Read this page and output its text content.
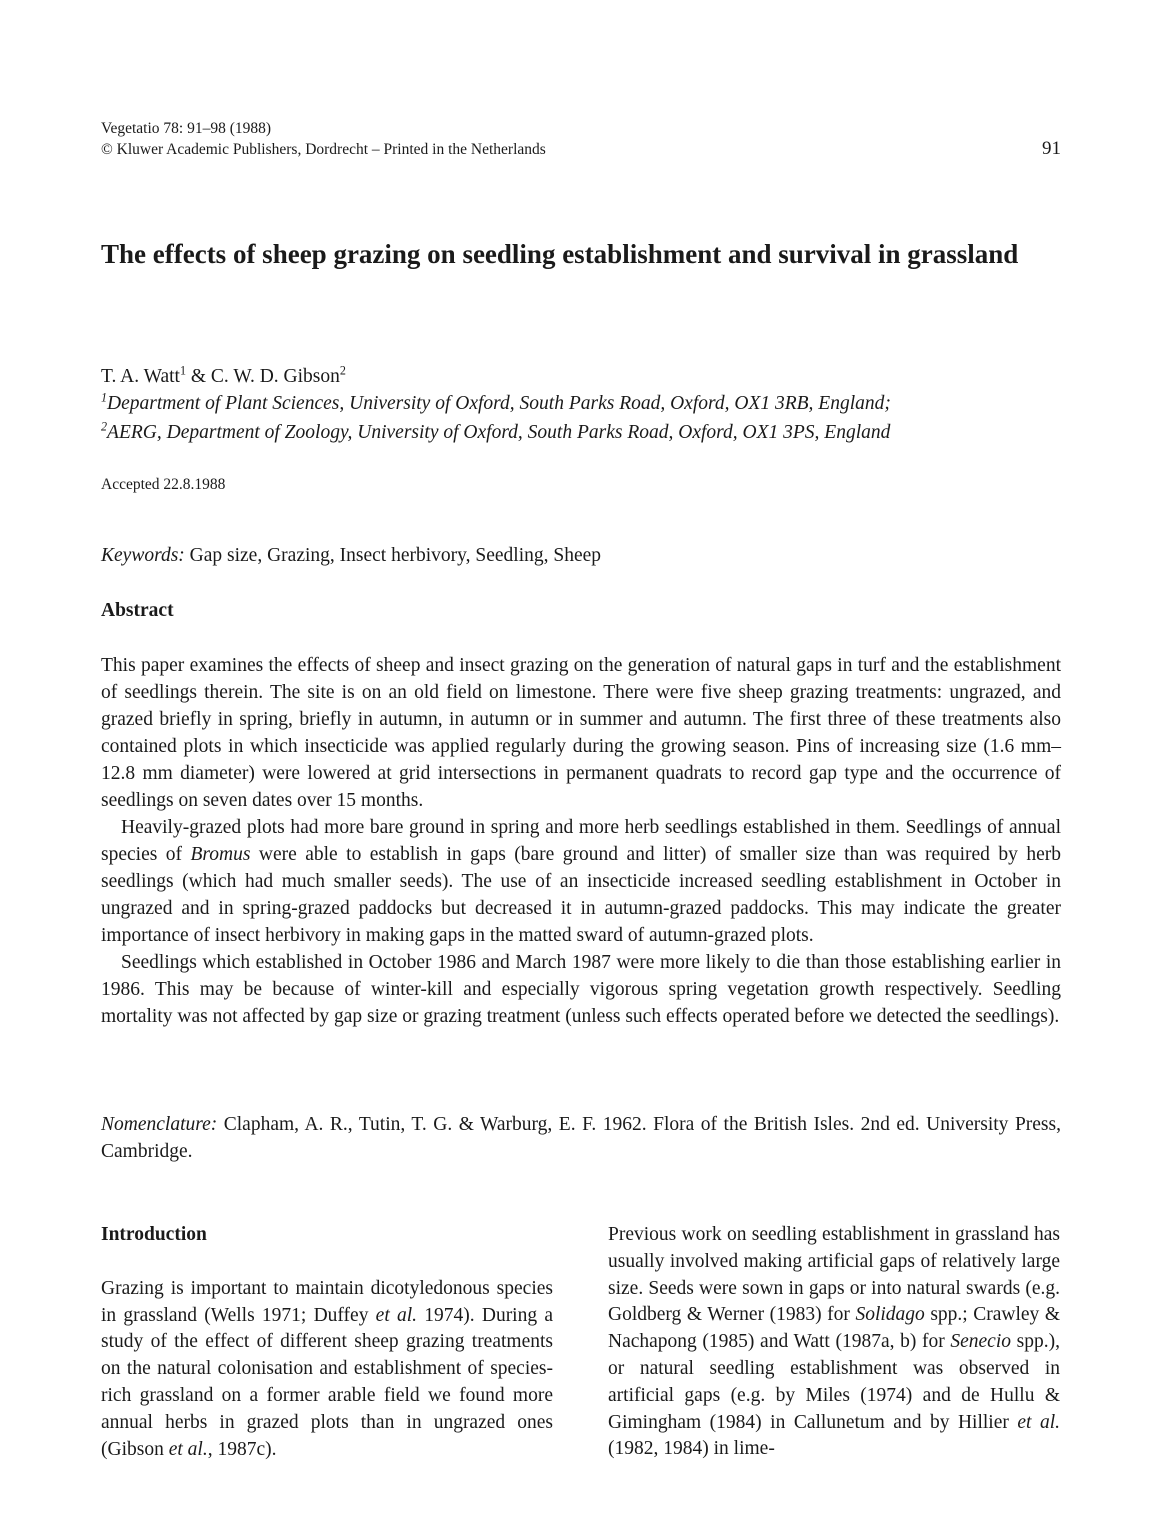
Vegetatio 78: 91–98 (1988)
© Kluwer Academic Publishers, Dordrecht – Printed in the Netherlands	91
The effects of sheep grazing on seedling establishment and survival in grassland
T. A. Watt$^1$ & C. W. D. Gibson$^2$
$^1$Department of Plant Sciences, University of Oxford, South Parks Road, Oxford, OX1 3RB, England;
$^2$AERG, Department of Zoology, University of Oxford, South Parks Road, Oxford, OX1 3PS, England
Accepted 22.8.1988
Keywords: Gap size, Grazing, Insect herbivory, Seedling, Sheep
Abstract

This paper examines the effects of sheep and insect grazing on the generation of natural gaps in turf and the establishment of seedlings therein. The site is on an old field on limestone. There were five sheep grazing treatments: ungrazed, and grazed briefly in spring, briefly in autumn, in autumn or in summer and autumn. The first three of these treatments also contained plots in which insecticide was applied regularly during the growing season. Pins of increasing size (1.6 mm–12.8 mm diameter) were lowered at grid intersections in permanent quadrats to record gap type and the occurrence of seedlings on seven dates over 15 months.

Heavily-grazed plots had more bare ground in spring and more herb seedlings established in them. Seedlings of annual species of Bromus were able to establish in gaps (bare ground and litter) of smaller size than was required by herb seedlings (which had much smaller seeds). The use of an insecticide increased seedling establishment in October in ungrazed and in spring-grazed paddocks but decreased it in autumn-grazed paddocks. This may indicate the greater importance of insect herbivory in making gaps in the matted sward of autumn-grazed plots.

Seedlings which established in October 1986 and March 1987 were more likely to die than those establishing earlier in 1986. This may be because of winter-kill and especially vigorous spring vegetation growth respectively. Seedling mortality was not affected by gap size or grazing treatment (unless such effects operated before we detected the seedlings).

Nomenclature: Clapham, A. R., Tutin, T. G. & Warburg, E. F. 1962. Flora of the British Isles. 2nd ed. University Press, Cambridge.
Introduction

Grazing is important to maintain dicotyledonous species in grassland (Wells 1971; Duffey et al. 1974). During a study of the effect of different sheep grazing treatments on the natural colonisation and establishment of species-rich grassland on a former arable field we found more annual herbs in grazed plots than in ungrazed ones (Gibson et al., 1987c).

Previous work on seedling establishment in grassland has usually involved making artificial gaps of relatively large size. Seeds were sown in gaps or into natural swards (e.g. Goldberg & Werner (1983) for Solidago spp.; Crawley & Nachapong (1985) and Watt (1987a, b) for Senecio spp.), or natural seedling establishment was observed in artificial gaps (e.g. by Miles (1974) and de Hullu & Gimingham (1984) in Callunetum and by Hillier et al. (1982, 1984) in lime-
